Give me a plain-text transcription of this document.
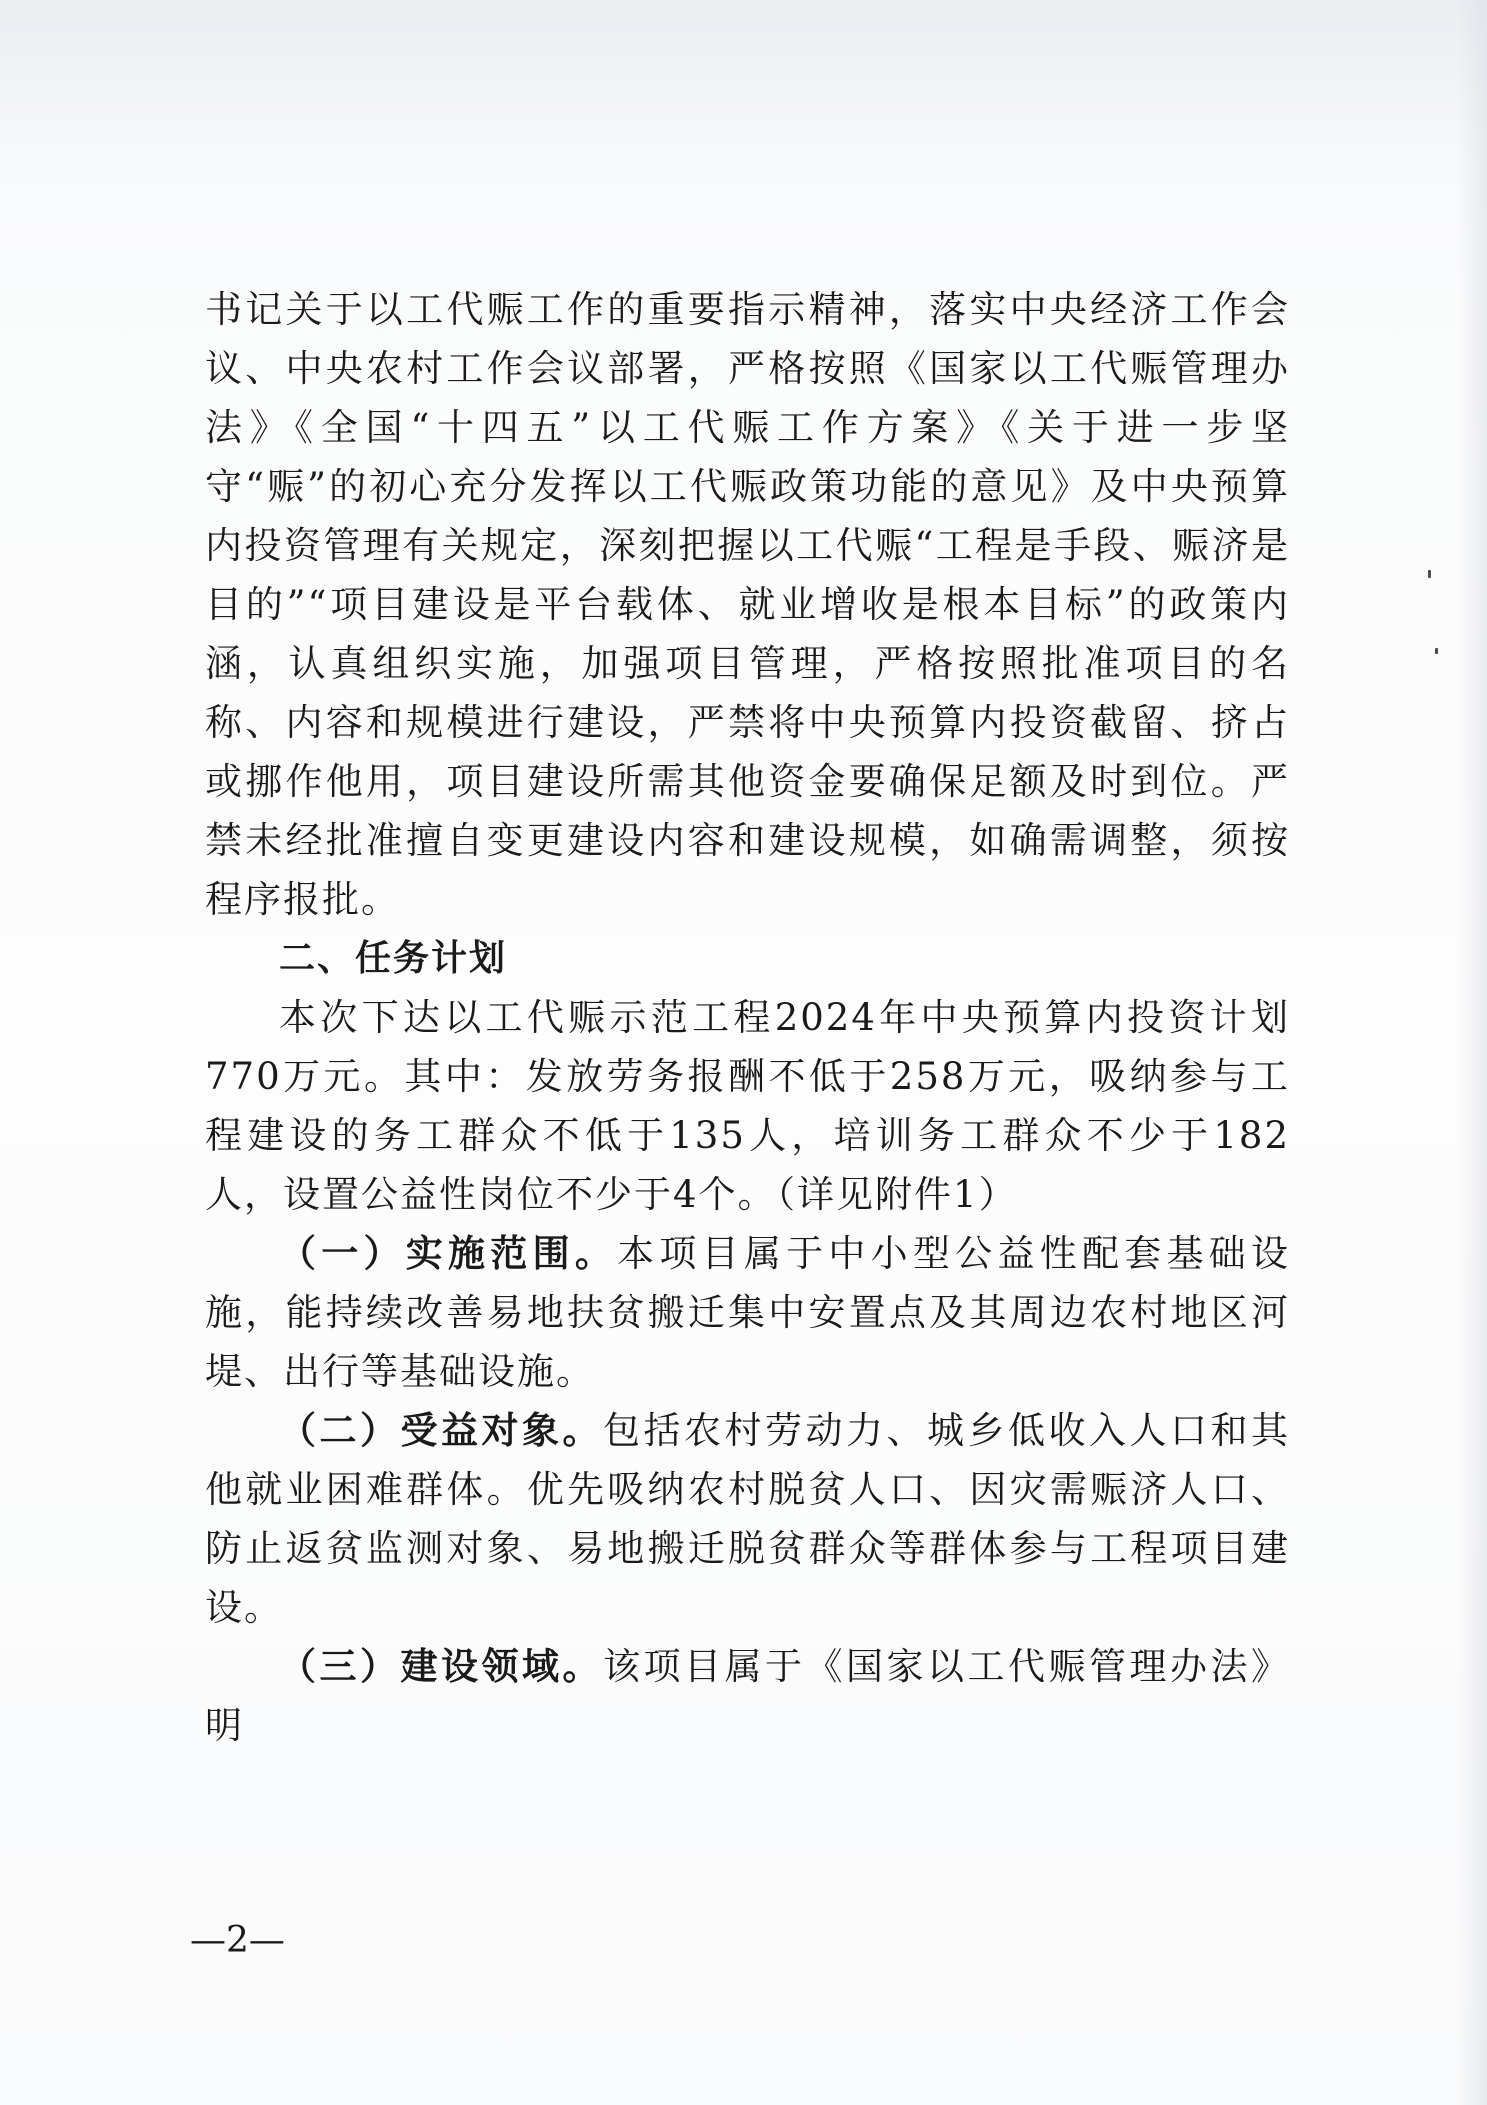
书记关于以工代赈工作的重要指示精神，落实中央经济工作会议、中央农村工作会议部署，严格按照《国家以工代赈管理办法》《全国“十四五”以工代赈工作方案》《关于进一步坚守“赈”的初心充分发挥以工代赈政策功能的意见》及中央预算内投资管理有关规定，深刻把握以工代赈“工程是手段、赈济是目的”“项目建设是平台载体、就业增收是根本目标”的政策内涵，认真组织实施，加强项目管理，严格按照批准项目的名称、内容和规模进行建设，严禁将中央预算内投资截留、挤占或挪作他用，项目建设所需其他资金要确保足额及时到位。严禁未经批准擅自变更建设内容和建设规模，如确需调整，须按程序报批。

二、任务计划

本次下达以工代赈示范工程2024年中央预算内投资计划770万元。其中：发放劳务报酬不低于258万元，吸纳参与工程建设的务工群众不低于135人，培训务工群众不少于182人，设置公益性岗位不少于4个。（详见附件1）

（一）实施范围。本项目属于中小型公益性配套基础设施，能持续改善易地扶贫搬迁集中安置点及其周边农村地区河堤、出行等基础设施。

（二）受益对象。包括农村劳动力、城乡低收入人口和其他就业困难群体。优先吸纳农村脱贫人口、因灾需赈济人口、防止返贫监测对象、易地搬迁脱贫群众等群体参与工程项目建设。

（三）建设领域。该项目属于《国家以工代赈管理办法》明

—2—
